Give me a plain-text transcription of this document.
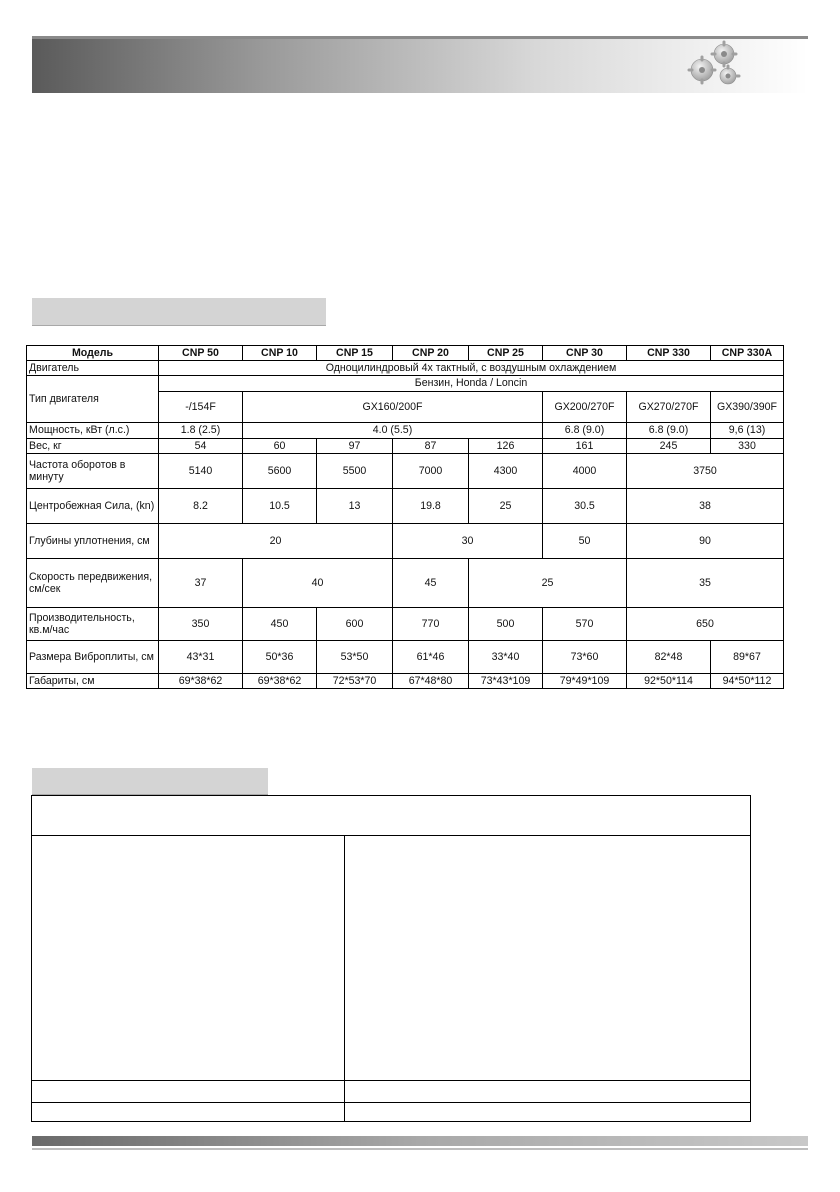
Модель	CNP 50	CNP 10	CNP 15	CNP 20	CNP 25	CNP 30	CNP 330	CNP 330A
Двигатель	Одноцилиндровый 4х тактный, с воздушным охлаждением							
Тип двигателя	Бензин, Honda / Loncin							
	-/154F	GX160/200F				GX200/270F	GX270/270F	GX390/390F
Мощность, кВт (л.с.)	1.8 (2.5)	4.0 (5.5)				6.8 (9.0)	6.8 (9.0)	9,6 (13)
Вес, кг	54	60	97	87	126	161	245	330
Частота оборотов в минуту	5140	5600	5500	7000	4300	4000	3750	
Центробежная Сила, (kn)	8.2	10.5	13	19.8	25	30.5	38	
Глубины уплотнения, см	20			30		50	90	
Скорость передвижения, см/сек	37	40		45	25		35	
Производительность, кв.м/час	350	450	600	770	500	570	650	
Размера Виброплиты, см	43*31	50*36	53*50	61*46	33*40	73*60	82*48	89*67
Габариты, см	69*38*62	69*38*62	72*53*70	67*48*80	73*43*109	79*49*109	92*50*114	94*50*112
